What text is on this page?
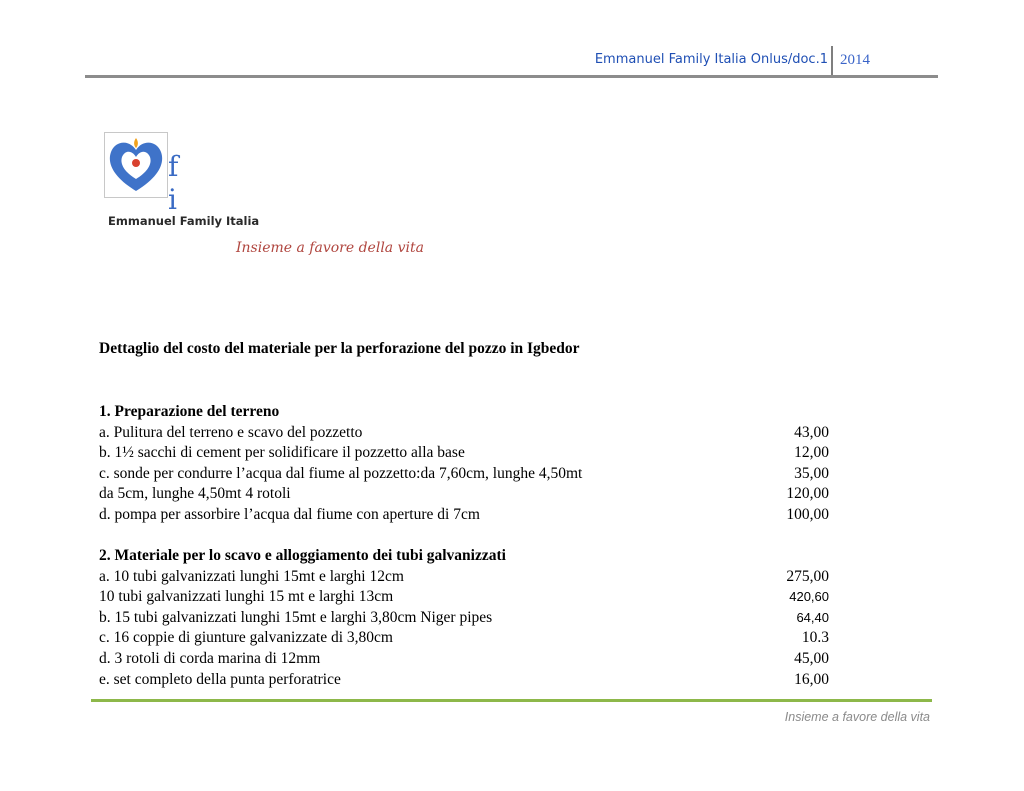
Emmanuel Family Italia Onlus/doc.1 2014
f i
Emmanuel Family Italia
Insieme a favore della vita
Dettaglio del costo del materiale per la perforazione del pozzo in Igbedor
1. Preparazione del terreno
a. Pulitura del terreno e scavo del pozzetto	43,00
b. 1½ sacchi di cement per solidificare il pozzetto alla base	12,00
c. sonde per condurre l’acqua dal fiume al pozzetto:da 7,60cm, lunghe 4,50mt	35,00
da 5cm, lunghe 4,50mt 4 rotoli	120,00
d. pompa per assorbire l’acqua dal fiume con aperture di 7cm	100,00
2. Materiale per lo scavo e alloggiamento dei tubi galvanizzati
a. 10 tubi galvanizzati lunghi 15mt e larghi 12cm	275,00
10 tubi galvanizzati lunghi 15 mt e larghi 13cm	420,60
b. 15 tubi galvanizzati lunghi 15mt e larghi 3,80cm Niger pipes	64,40
c. 16 coppie di giunture galvanizzate di 3,80cm	10.3
d. 3 rotoli di corda marina di 12mm	45,00
e. set completo della punta perforatrice	16,00
Insieme a favore della vita
